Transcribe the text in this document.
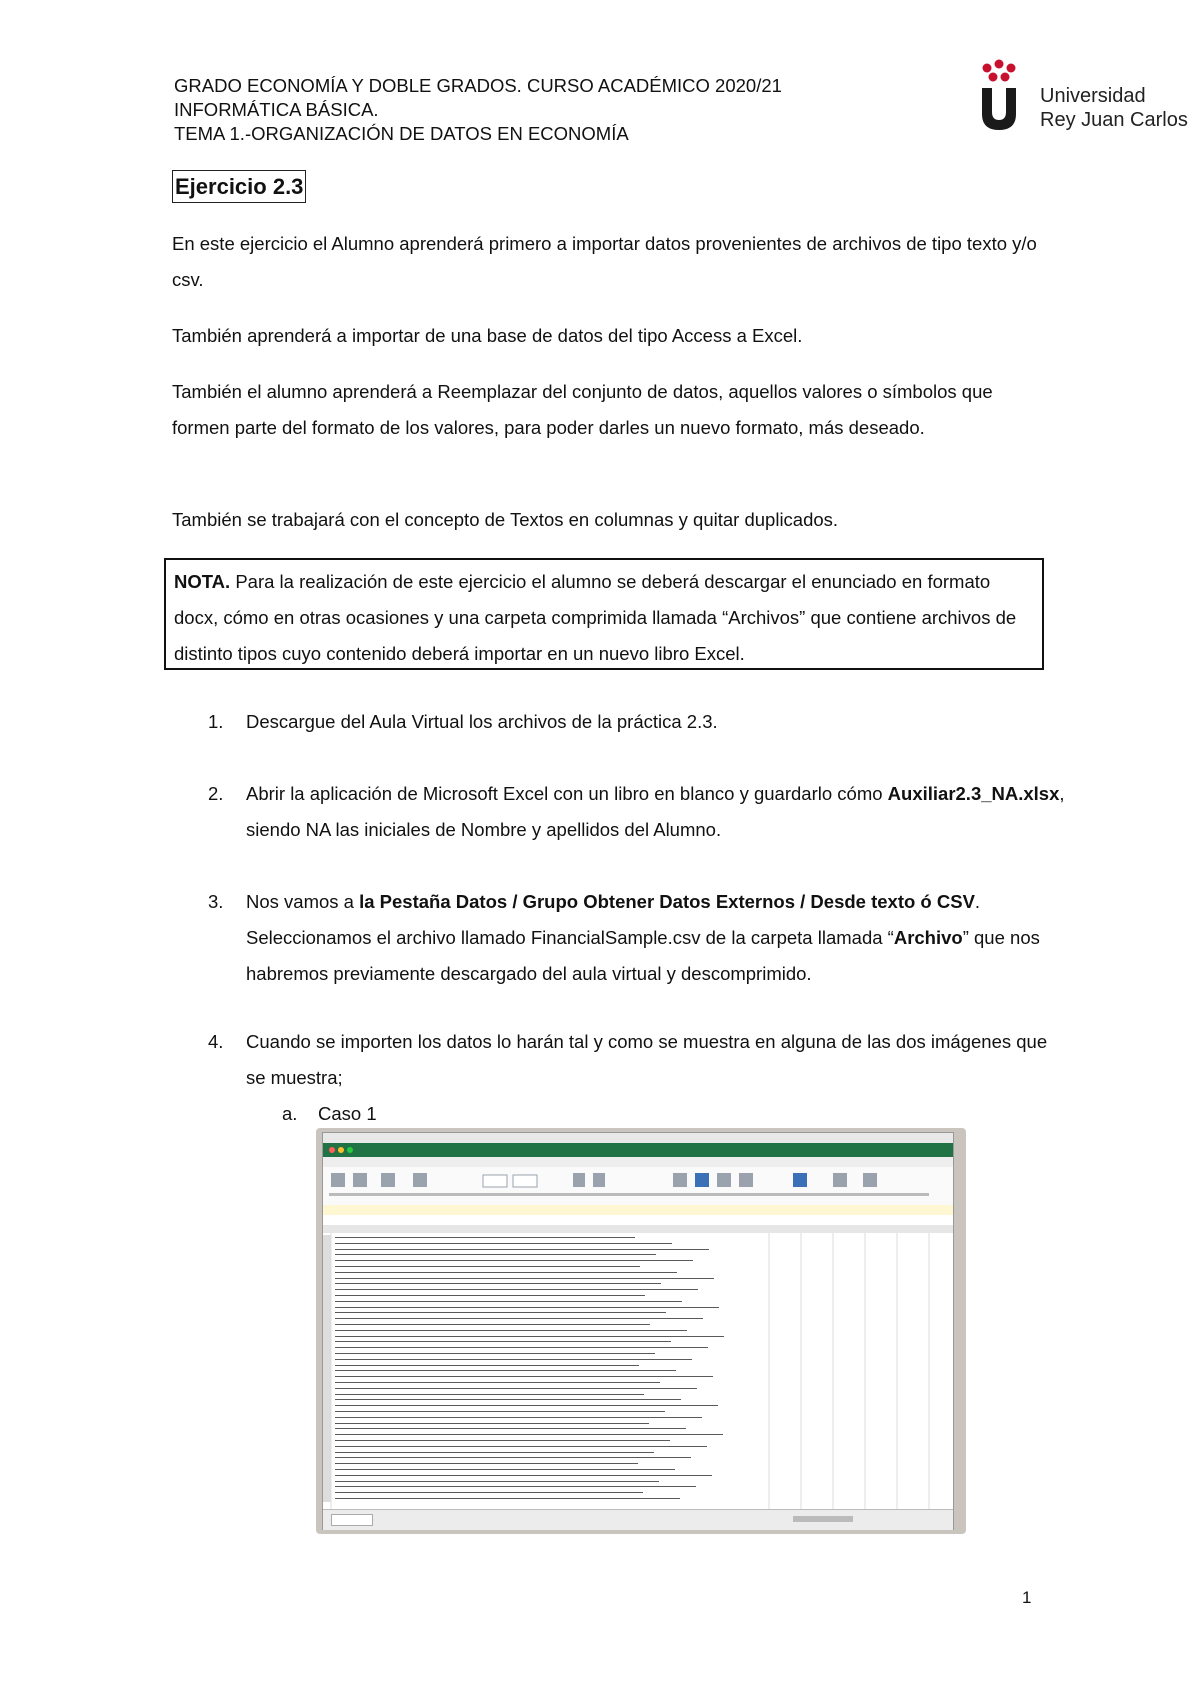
GRADO ECONOMÍA Y DOBLE GRADOS. CURSO ACADÉMICO 2020/21
INFORMÁTICA BÁSICA.
TEMA 1.-ORGANIZACIÓN DE DATOS EN ECONOMÍA
Universidad
Rey Juan Carlos
Ejercicio 2.3
En este ejercicio el Alumno aprenderá primero a importar datos provenientes de archivos de tipo texto y/o csv.
También aprenderá a importar de una base de datos del tipo Access a Excel.
También el alumno aprenderá a Reemplazar del conjunto de datos, aquellos valores o símbolos que formen parte del formato de los valores, para poder darles un nuevo formato, más deseado.
También se trabajará con el concepto de Textos en columnas y quitar duplicados.
NOTA. Para la realización de este ejercicio el alumno se deberá descargar el enunciado en formato docx, cómo en otras ocasiones y una carpeta comprimida llamada “Archivos” que contiene archivos de distinto tipos cuyo contenido deberá importar en un nuevo libro Excel.
1. Descargue del Aula Virtual los archivos de la práctica 2.3.
2. Abrir la aplicación de Microsoft Excel con un libro en blanco y guardarlo cómo Auxiliar2.3_NA.xlsx, siendo NA las iniciales de Nombre y apellidos del Alumno.
3. Nos vamos a la Pestaña Datos / Grupo Obtener Datos Externos / Desde texto ó CSV. Seleccionamos el archivo llamado FinancialSample.csv de la carpeta llamada “Archivo” que nos habremos previamente descargado del aula virtual y descomprimido.
4. Cuando se importen los datos lo harán tal y como se muestra en alguna de las dos imágenes que se muestra;
a. Caso 1
1
